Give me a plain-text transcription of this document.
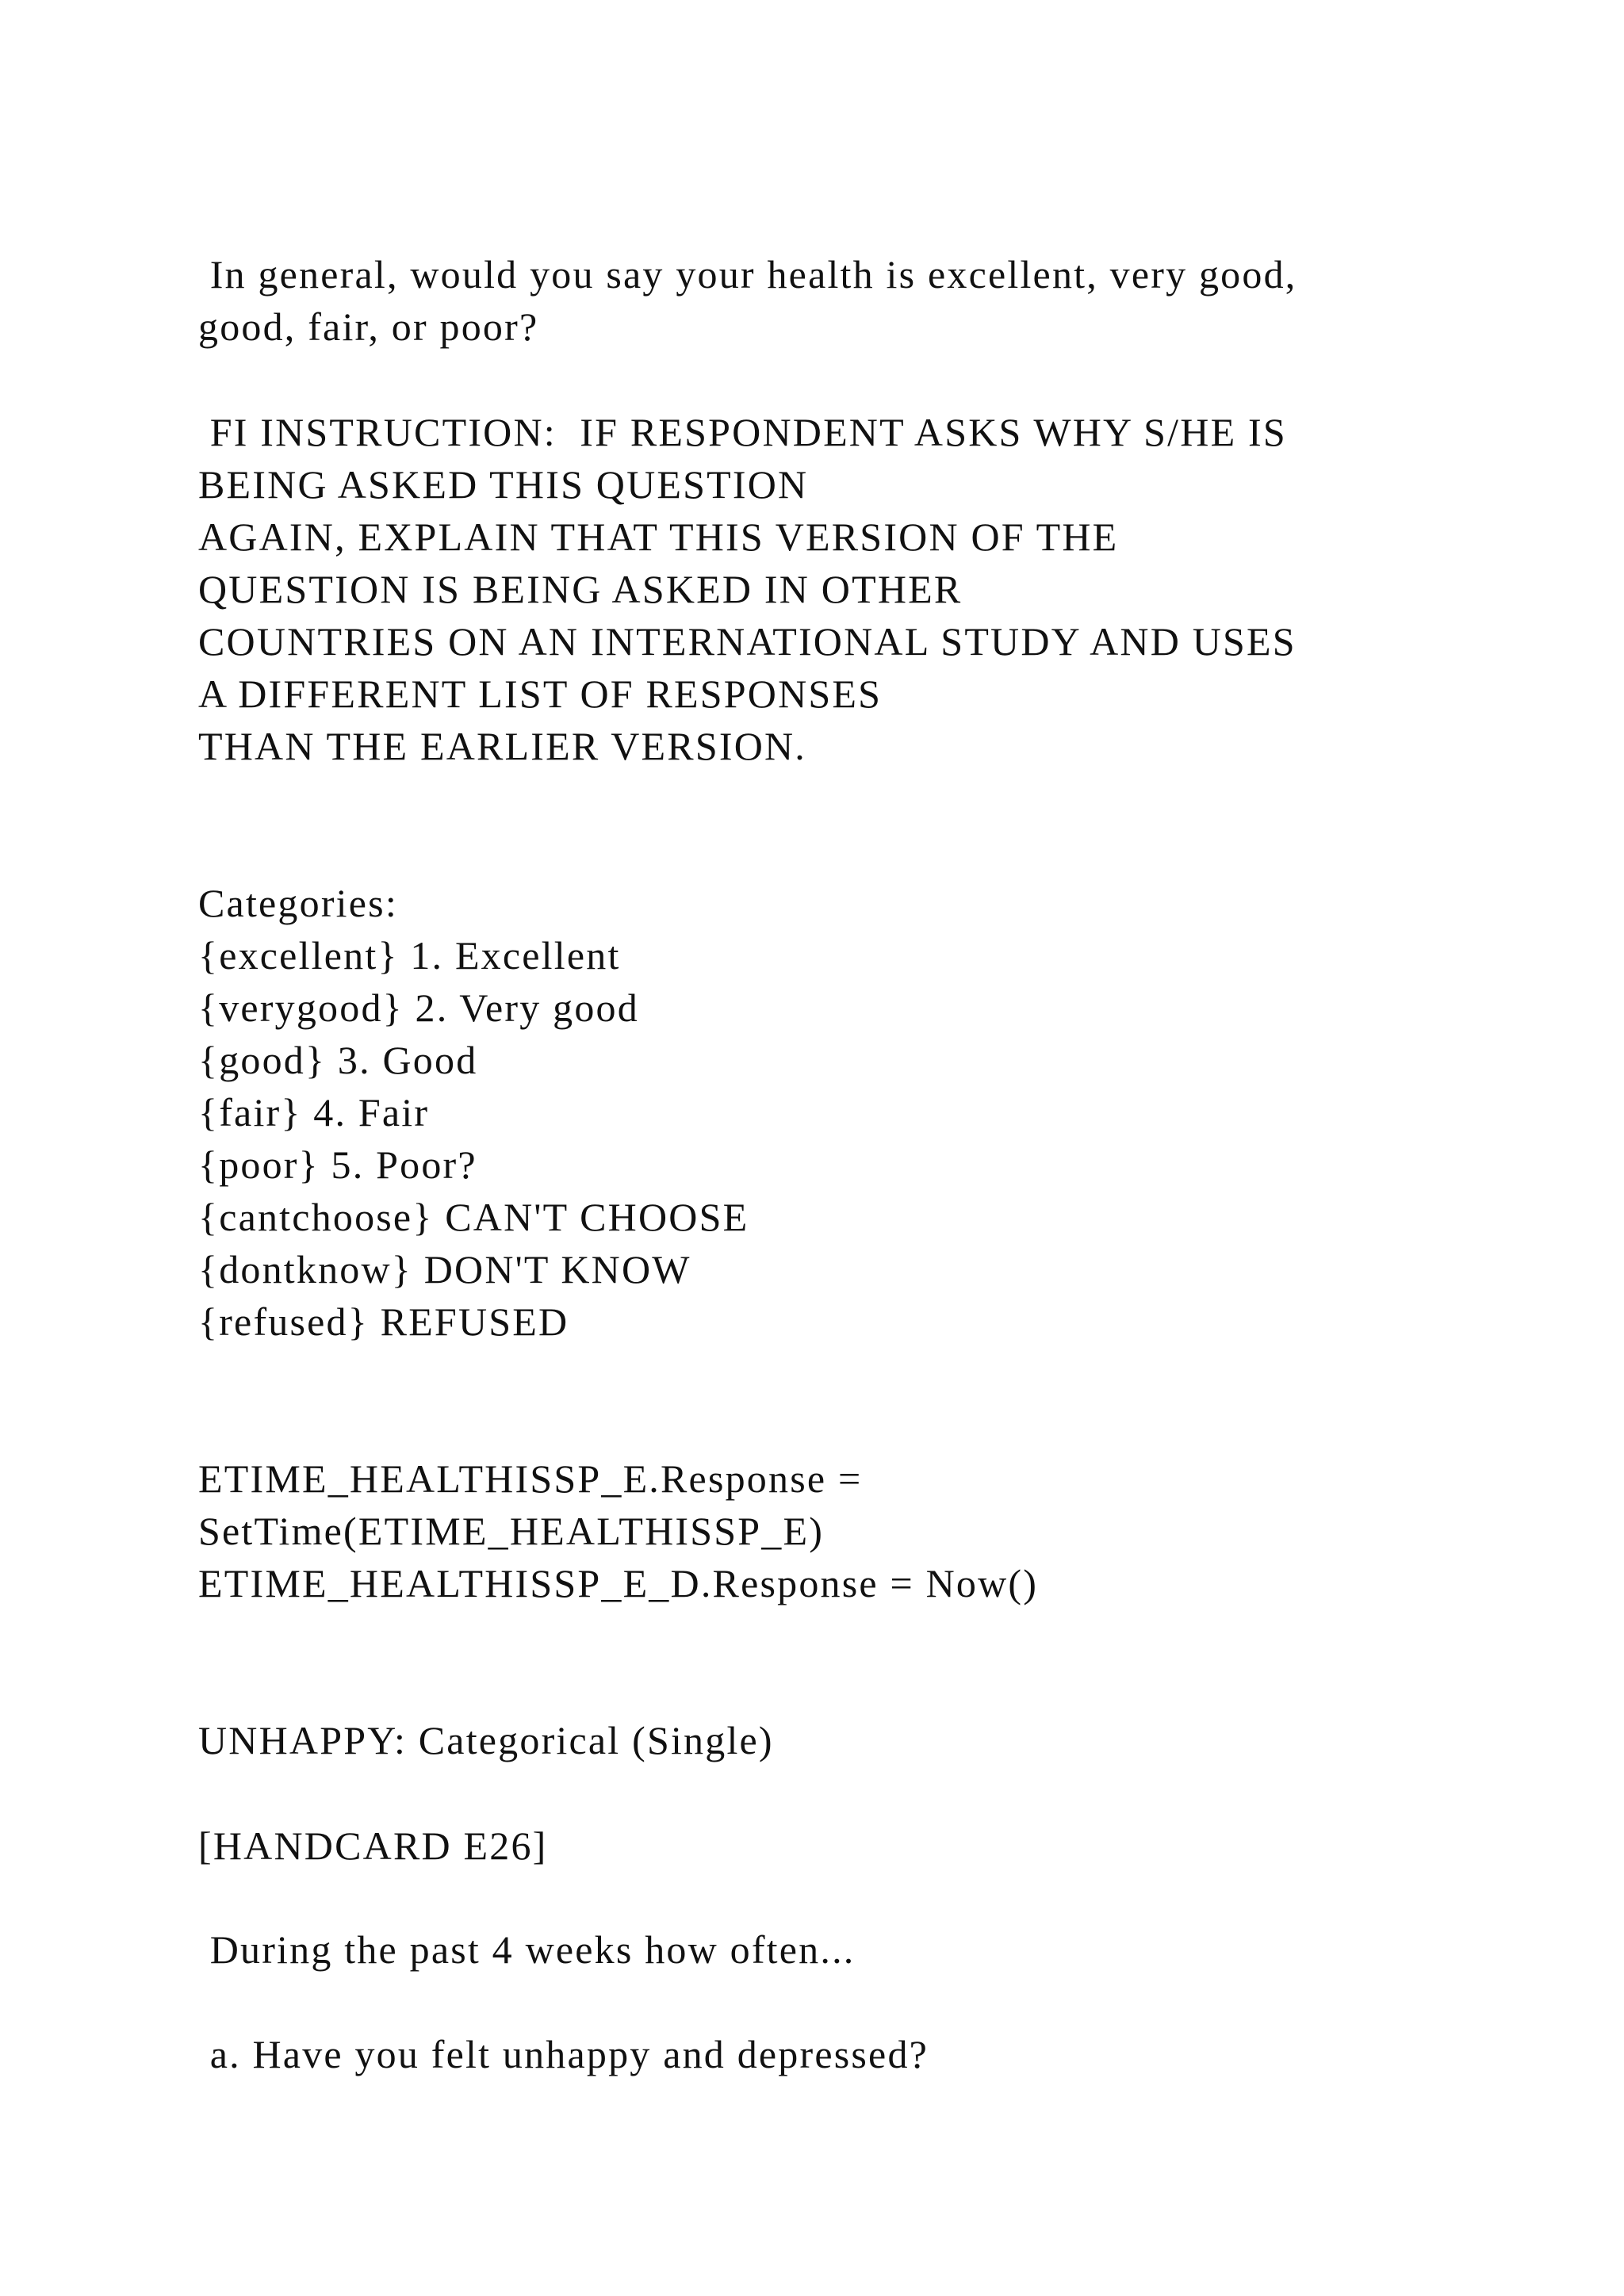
In general, would you say your health is excellent, very good,

good, fair, or poor?

FI INSTRUCTION:  IF RESPONDENT ASKS WHY S/HE IS

BEING ASKED THIS QUESTION

AGAIN, EXPLAIN THAT THIS VERSION OF THE

QUESTION IS BEING ASKED IN OTHER

COUNTRIES ON AN INTERNATIONAL STUDY AND USES

A DIFFERENT LIST OF RESPONSES

THAN THE EARLIER VERSION.

Categories:

{excellent} 1. Excellent

{verygood} 2. Very good

{good} 3. Good

{fair} 4. Fair

{poor} 5. Poor?

{cantchoose} CAN'T CHOOSE

{dontknow} DON'T KNOW

{refused} REFUSED

ETIME_HEALTHISSP_E.Response =

SetTime(ETIME_HEALTHISSP_E)

ETIME_HEALTHISSP_E_D.Response = Now()

UNHAPPY: Categorical (Single)

[HANDCARD E26]

During the past 4 weeks how often...

a. Have you felt unhappy and depressed?
